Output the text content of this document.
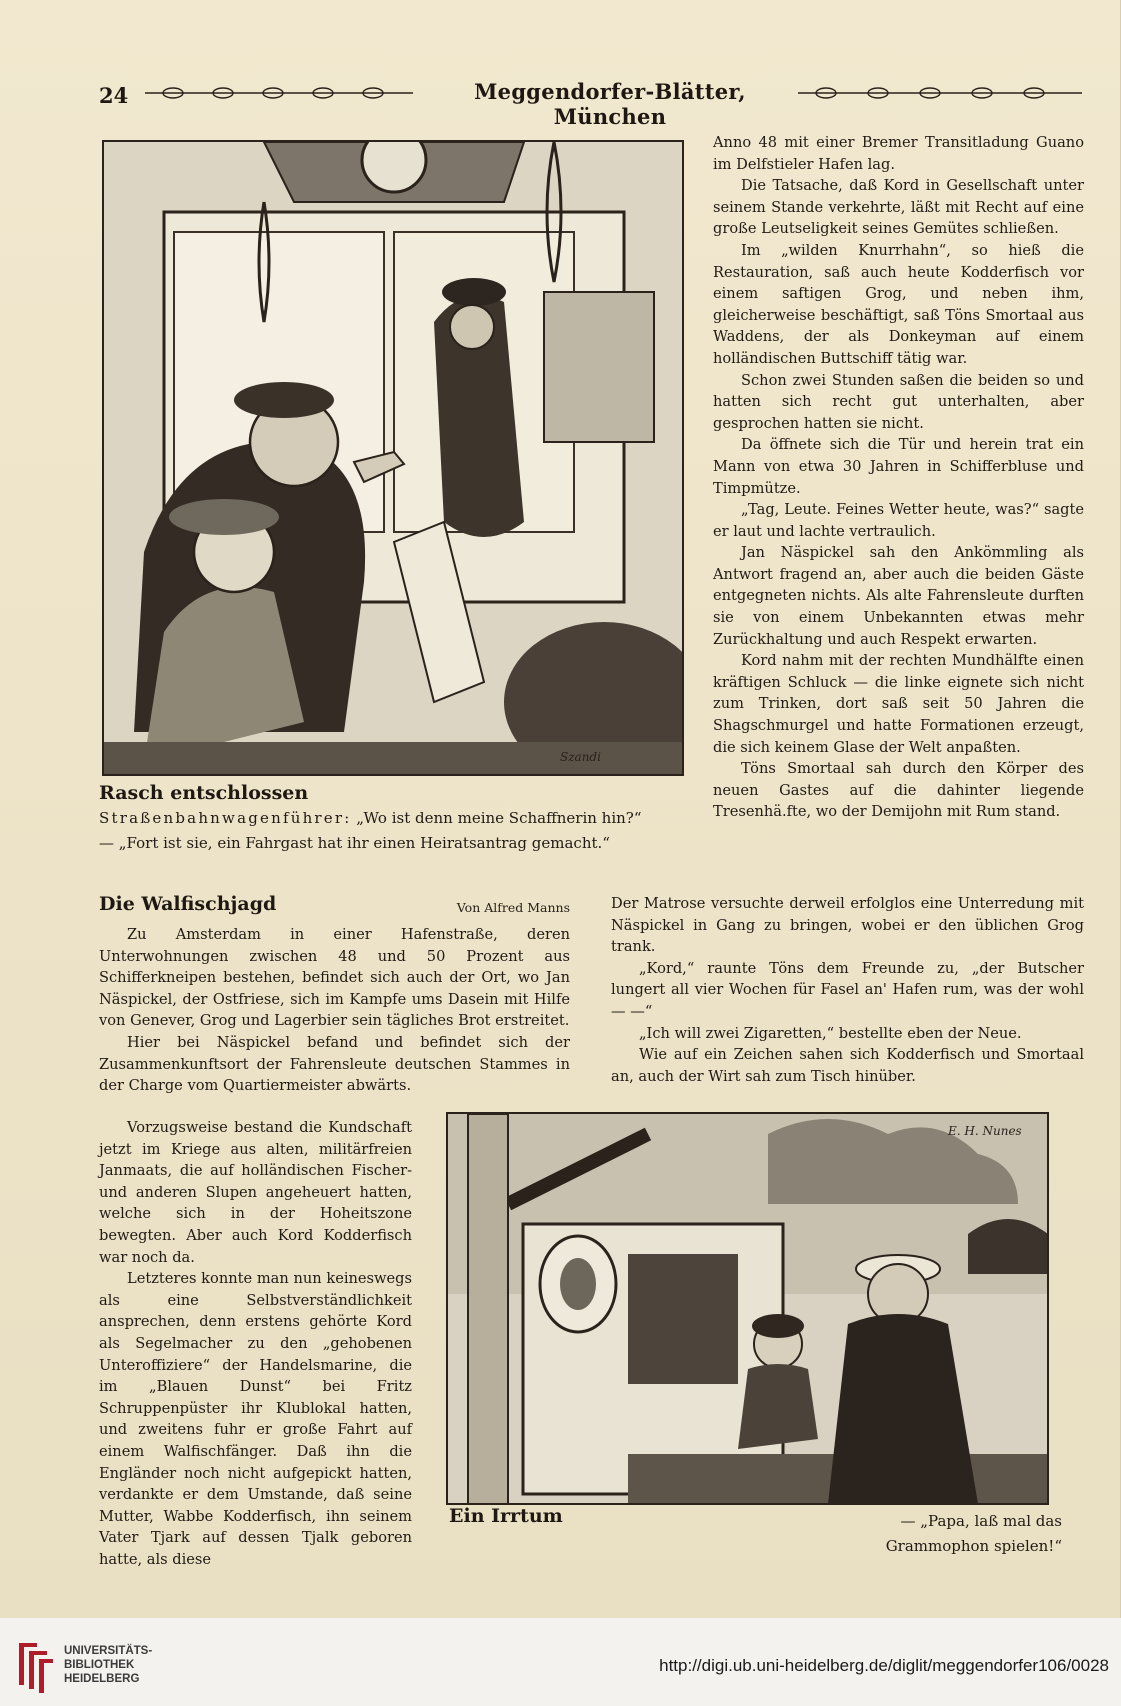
24	Meggendorfer-Blätter, München
Szandi
Rasch entschlossen
Straßenbahnwagenführer: „Wo ist denn meine Schaffnerin hin?“
— „Fort ist sie, ein Fahrgast hat ihr einen Heiratsantrag gemacht.“

Anno 48 mit einer Bremer Transitladung Guano im Delfstieler Hafen lag.

Die Tatsache, daß Kord in Gesellschaft unter seinem Stande verkehrte, läßt mit Recht auf eine große Leutseligkeit seines Gemütes schließen.

Im „wilden Knurrhahn“, so hieß die Restauration, saß auch heute Kodderfisch vor einem saftigen Grog, und neben ihm, gleicherweise beschäftigt, saß Töns Smortaal aus Waddens, der als Donkeyman auf einem holländischen Buttschiff tätig war.

Schon zwei Stunden saßen die beiden so und hatten sich recht gut unterhalten, aber gesprochen hatten sie nicht.

Da öffnete sich die Tür und herein trat ein Mann von etwa 30 Jahren in Schifferbluse und Timpmütze.

„Tag, Leute. Feines Wetter heute, was?“ sagte er laut und lachte vertraulich.

Jan Näspickel sah den Ankömmling als Antwort fragend an, aber auch die beiden Gäste entgegneten nichts. Als alte Fahrensleute durften sie von einem Unbekannten etwas mehr Zurückhaltung und auch Respekt erwarten.

Kord nahm mit der rechten Mundhälfte einen kräftigen Schluck — die linke eignete sich nicht zum Trinken, dort saß seit 50 Jahren die Shagschmurgel und hatte Formationen erzeugt, die sich keinem Glase der Welt anpaßten.

Töns Smortaal sah durch den Körper des neuen Gastes auf die dahinter liegende Tresenhä.fte, wo der Demijohn mit Rum stand.

Die Walfischjagd	Von Alfred Manns

Zu Amsterdam in einer Hafenstraße, deren Unterwohnungen zwischen 48 und 50 Prozent aus Schifferkneipen bestehen, befindet sich auch der Ort, wo Jan Näspickel, der Ostfriese, sich im Kampfe ums Dasein mit Hilfe von Genever, Grog und Lagerbier sein tägliches Brot erstreitet.

Hier bei Näspickel befand und befindet sich der Zusammenkunftsort der Fahrensleute deutschen Stammes in der Charge vom Quartiermeister abwärts.

Der Matrose versuchte derweil erfolglos eine Unterredung mit Näspickel in Gang zu bringen, wobei er den üblichen Grog trank.

„Kord,“ raunte Töns dem Freunde zu, „der Butscher lungert all vier Wochen für Fasel an' Hafen rum, was der wohl — —“

„Ich will zwei Zigaretten,“ bestellte eben der Neue.

Wie auf ein Zeichen sahen sich Kodderfisch und Smortaal an, auch der Wirt sah zum Tisch hinüber.

Vorzugsweise bestand die Kundschaft jetzt im Kriege aus alten, militärfreien Janmaats, die auf holländischen Fischer- und anderen Slupen angeheuert hatten, welche sich in der Hoheitszone bewegten. Aber auch Kord Kodderfisch war noch da.

Letzteres konnte man nun keineswegs als eine Selbstverständlichkeit ansprechen, denn erstens gehörte Kord als Segelmacher zu den „gehobenen Unteroffiziere“ der Handelsmarine, die im „Blauen Dunst“ bei Fritz Schruppenpüster ihr Klublokal hatten, und zweitens fuhr er große Fahrt auf einem Walfischfänger. Daß ihn die Engländer noch nicht aufgepickt hatten, verdankte er dem Umstande, daß seine Mutter, Wabbe Kodderfisch, ihn seinem Vater Tjark auf dessen Tjalk geboren hatte, als diese

E. H. Nunes
Ein Irrtum	— „Papa, laß mal das
Grammophon spielen!“
UNIVERSITÄTS-
BIBLIOTHEK
HEIDELBERG
http://digi.ub.uni-heidelberg.de/diglit/meggendorfer106/0028
